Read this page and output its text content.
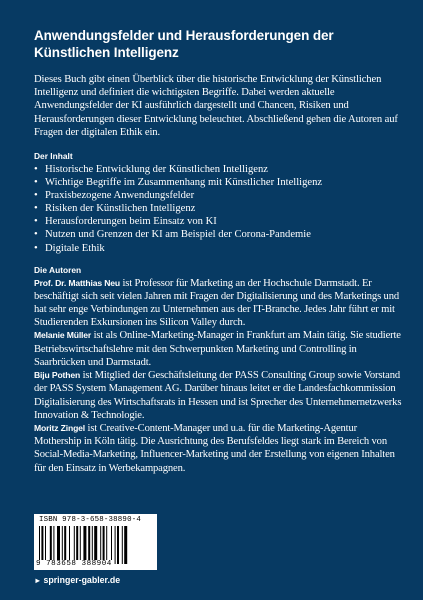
Anwendungsfelder und Herausforderungen der Künstlichen Intelligenz

Dieses Buch gibt einen Überblick über die historische Entwicklung der Künstlichen Intelligenz und definiert die wichtigsten Begriffe. Dabei werden aktuelle Anwendungsfelder der KI ausführlich dargestellt und Chancen, Risiken und Herausforderungen dieser Entwicklung beleuchtet. Abschließend gehen die Autoren auf Fragen der digitalen Ethik ein.

Der Inhalt
• Historische Entwicklung der Künstlichen Intelligenz
• Wichtige Begriffe im Zusammenhang mit Künstlicher Intelligenz
• Praxisbezogene Anwendungsfelder
• Risiken der Künstlichen Intelligenz
• Herausforderungen beim Einsatz von KI
• Nutzen und Grenzen der KI am Beispiel der Corona-Pandemie
• Digitale Ethik
Die Autoren

Prof. Dr. Matthias Neu ist Professor für Marketing an der Hochschule Darmstadt. Er beschäftigt sich seit vielen Jahren mit Fragen der Digitalisierung und des Marketings und hat sehr enge Verbindungen zu Unternehmen aus der IT-Branche. Jedes Jahr führt er mit Studierenden Exkursionen ins Silicon Valley durch.

Melanie Müller ist als Online-Marketing-Manager in Frankfurt am Main tätig. Sie studierte Betriebswirtschaftslehre mit den Schwerpunkten Marketing und Controlling in Saarbrücken und Darmstadt.

Biju Pothen ist Mitglied der Geschäftsleitung der PASS Consulting Group sowie Vorstand der PASS System Management AG. Darüber hinaus leitet er die Landesfachkommission Digitalisierung des Wirtschaftsrats in Hessen und ist Sprecher des Unternehmernetzwerks Innovation & Technologie.

Moritz Zingel ist Creative-Content-Manager und u.a. für die Marketing-Agentur Mothership in Köln tätig. Die Ausrichtung des Berufsfeldes liegt stark im Bereich von Social-Media-Marketing, Influencer-Marketing und der Erstellung von eigenen Inhalten für den Einsatz in Werbekampagnen.

ISBN 978-3-658-38890-4
9 783658 388904
► springer-gabler.de
